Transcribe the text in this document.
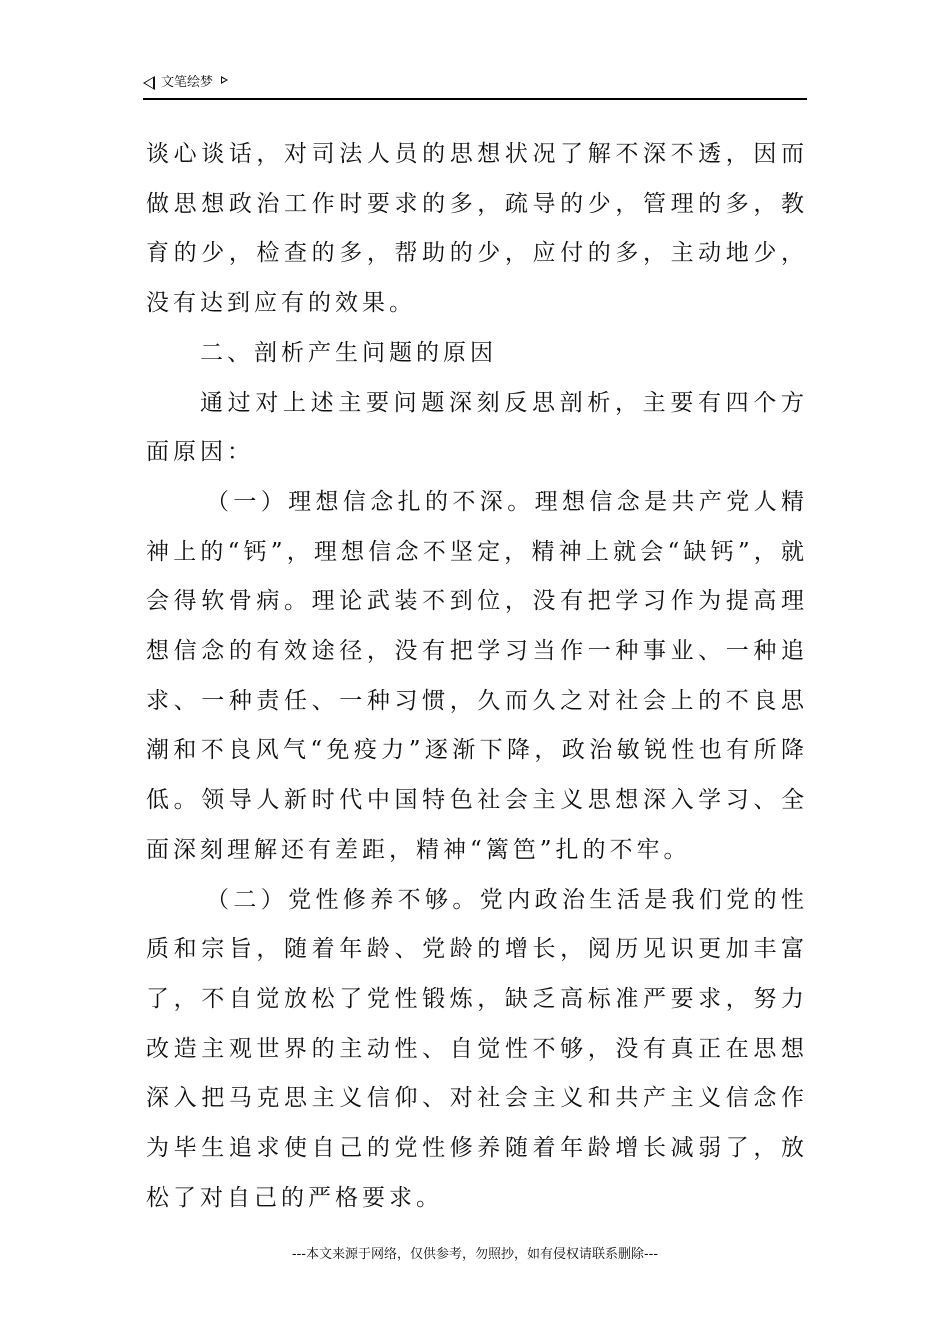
文笔绘梦

谈心谈话，对司法人员的思想状况了解不深不透，因而做思想政治工作时要求的多，疏导的少，管理的多，教育的少，检查的多，帮助的少，应付的多，主动地少，没有达到应有的效果。

二、剖析产生问题的原因

通过对上述主要问题深刻反思剖析，主要有四个方面原因：

（一）理想信念扎的不深。理想信念是共产党人精神上的“钙”，理想信念不坚定，精神上就会“缺钙”，就会得软骨病。理论武装不到位，没有把学习作为提高理想信念的有效途径，没有把学习当作一种事业、一种追求、一种责任、一种习惯，久而久之对社会上的不良思潮和不良风气“免疫力”逐渐下降，政治敏锐性也有所降低。领导人新时代中国特色社会主义思想深入学习、全面深刻理解还有差距，精神“篱笆”扎的不牢。

（二）党性修养不够。党内政治生活是我们党的性质和宗旨，随着年龄、党龄的增长，阅历见识更加丰富了，不自觉放松了党性锻炼，缺乏高标准严要求，努力改造主观世界的主动性、自觉性不够，没有真正在思想深入把马克思主义信仰、对社会主义和共产主义信念作为毕生追求使自己的党性修养随着年龄增长减弱了，放松了对自己的严格要求。

---本文来源于网络，仅供参考，勿照抄，如有侵权请联系删除---
